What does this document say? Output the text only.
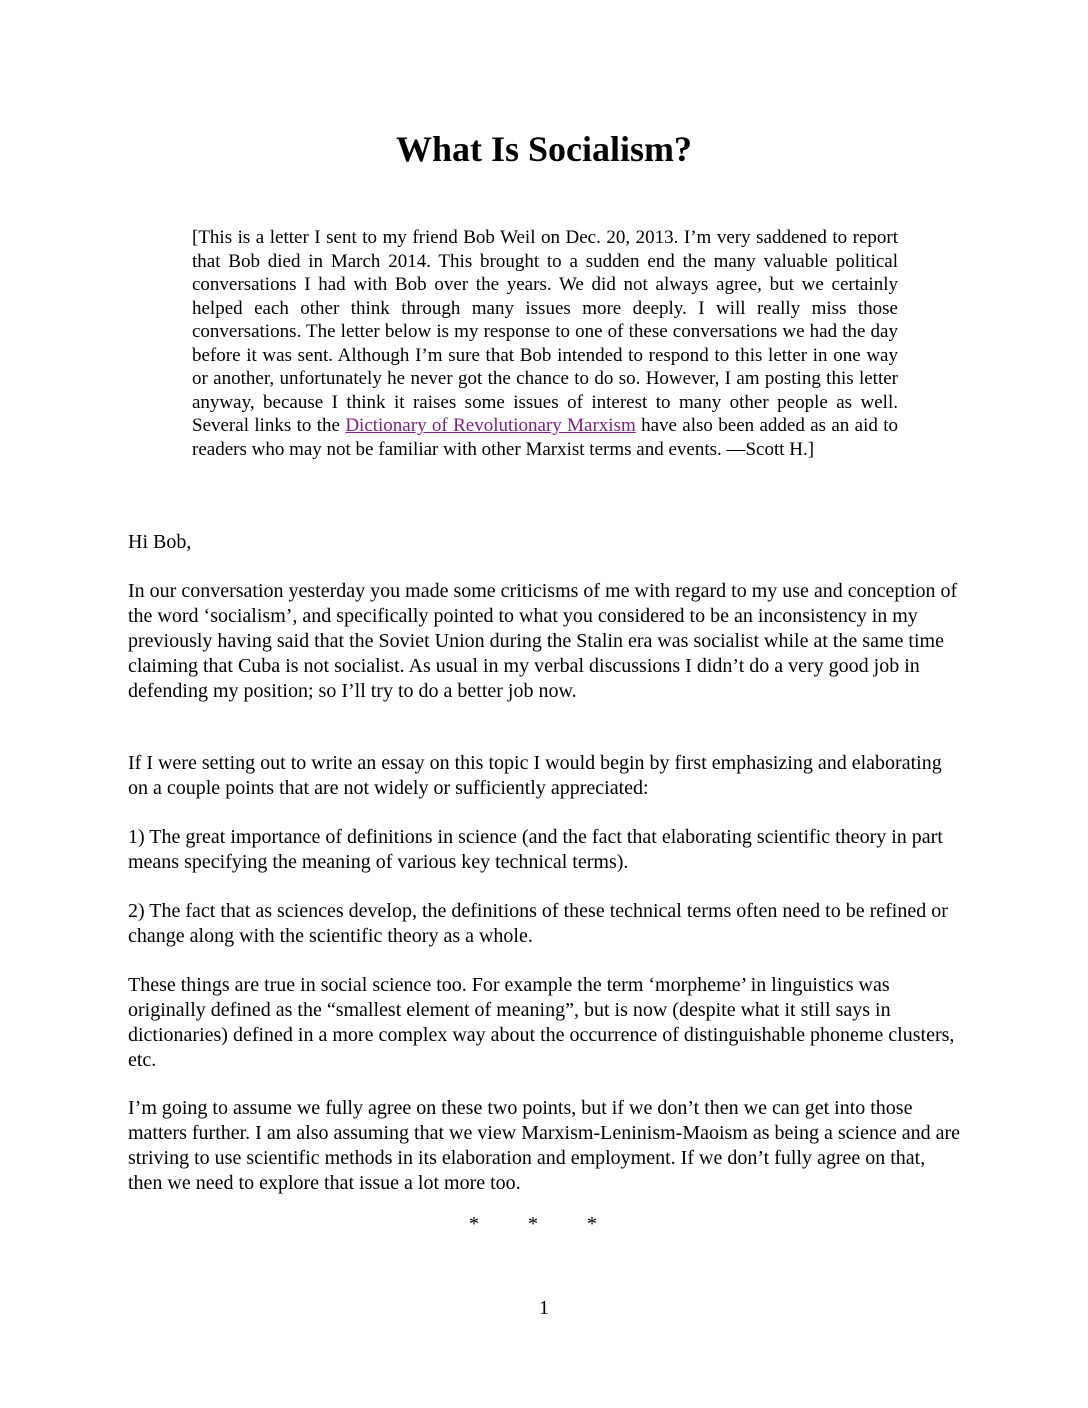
What Is Socialism?

[This is a letter I sent to my friend Bob Weil on Dec. 20, 2013. I’m very saddened to report that Bob died in March 2014. This brought to a sudden end the many valuable political conversations I had with Bob over the years. We did not always agree, but we certainly helped each other think through many issues more deeply. I will really miss those conversations. The letter below is my response to one of these conversations we had the day before it was sent. Although I’m sure that Bob intended to respond to this letter in one way or another, unfortunately he never got the chance to do so. However, I am posting this letter anyway, because I think it raises some issues of interest to many other people as well. Several links to the Dictionary of Revolutionary Marxism have also been added as an aid to readers who may not be familiar with other Marxist terms and events. —Scott H.]

Hi Bob,

In our conversation yesterday you made some criticisms of me with regard to my use and conception of the word ‘socialism’, and specifically pointed to what you considered to be an inconsistency in my previously having said that the Soviet Union during the Stalin era was socialist while at the same time claiming that Cuba is not socialist. As usual in my verbal discussions I didn’t do a very good job in defending my position; so I’ll try to do a better job now.

If I were setting out to write an essay on this topic I would begin by first emphasizing and elaborating on a couple points that are not widely or sufficiently appreciated:

1) The great importance of definitions in science (and the fact that elaborating scientific theory in part means specifying the meaning of various key technical terms).

2) The fact that as sciences develop, the definitions of these technical terms often need to be refined or change along with the scientific theory as a whole.

These things are true in social science too. For example the term ‘morpheme’ in linguistics was originally defined as the “smallest element of meaning”, but is now (despite what it still says in dictionaries) defined in a more complex way about the occurrence of distinguishable phoneme clusters, etc.

I’m going to assume we fully agree on these two points, but if we don’t then we can get into those matters further. I am also assuming that we view Marxism-Leninism-Maoism as being a science and are striving to use scientific methods in its elaboration and employment. If we don’t fully agree on that, then we need to explore that issue a lot more too.

* * *

1
